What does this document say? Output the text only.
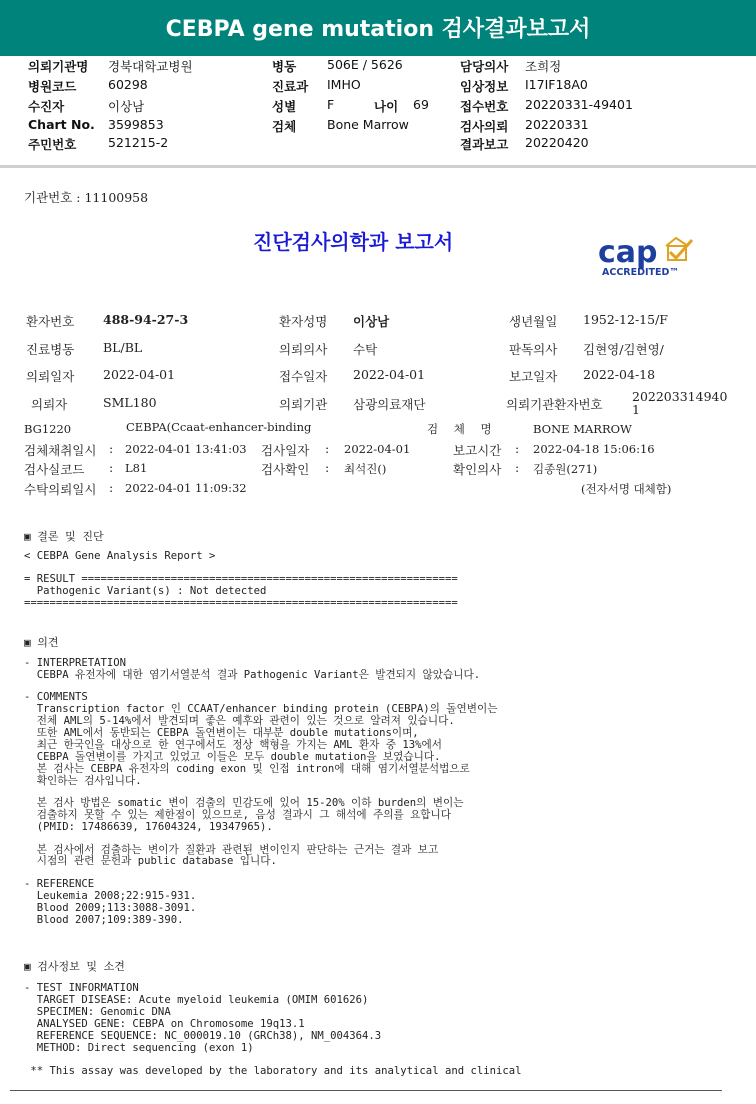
CEBPA gene mutation 검사결과보고서
의뢰기관명 경북대학교병원	병동 506E / 5626	담당의사 조희정
병원코드	60298	진료과 IMHO	임상정보 I17IF18A0
수진자	이상남	성별 F	나이 69 접수번호 20220331-49401
Chart No. 3599853	검체 Bone Marrow	검사의뢰 20220331
주민번호	521215-2	결과보고 20220420
기관번호 : 11100958
진단검사의학과 보고서	cap
ACCREDITED™
환자번호 488-94-27-3	환자성명 이상남	생년월일 1952-12-15/F
진료병동 BL/BL	의뢰의사 수탁	판독의사 김현영/김현영/
의뢰일자 2022-04-01	접수일자 2022-04-01	보고일자 2022-04-18
의뢰자	SML180	의뢰기관 삼광의료재단	의뢰기관환자번호
202203314940
1
BG1220	CEBPA(Ccaat-enhancer-binding	검 체 명	BONE MARROW
검체채취일시 : 2022-04-01 13:41:03 검사일자 : 2022-04-01	보고시간 : 2022-04-18 15:06:16
검사실코드 : L81	검사확인 : 최석진()	확인의사 : 김종원(271)
수탁의뢰일시 : 2022-04-01 11:09:32	(전자서명 대체함)
▣ 결론 및 진단
< CEBPA Gene Analysis Report >
= RESULT ===========================================================
Pathogenic Variant(s) : Not detected
====================================================================
▣ 의견
- INTERPRETATION
CEBPA 유전자에 대한 염기서열분석 결과 Pathogenic Variant은 발견되지 않았습니다.
- COMMENTS
Transcription factor 인 CCAAT/enhancer binding protein (CEBPA)의 돌연변이는
전체 AML의 5-14%에서 발견되며 좋은 예후와 관련이 있는 것으로 알려져 있습니다.
또한 AML에서 동반되는 CEBPA 돌연변이는 대부분 double mutations이며,
최근 한국인을 대상으로 한 연구에서도 정상 핵형을 가지는 AML 환자 중 13%에서
CEBPA 돌연변이를 가지고 있었고 이들은 모두 double mutation을 보였습니다.
본 검사는 CEBPA 유전자의 coding exon 및 인접 intron에 대해 염기서열분석법으로
확인하는 검사입니다.
본 검사 방법은 somatic 변이 검출의 민감도에 있어 15-20% 이하 burden의 변이는
검출하지 못할 수 있는 제한점이 있으므로, 음성 결과시 그 해석에 주의를 요합니다
(PMID: 17486639, 17604324, 19347965).
본 검사에서 검출하는 변이가 질환과 관련된 변이인지 판단하는 근거는 결과 보고
시점의 관련 문헌과 public database 입니다.
- REFERENCE
Leukemia 2008;22:915-931.
Blood 2009;113:3088-3091.
Blood 2007;109:389-390.
▣ 검사정보 및 소견
- TEST INFORMATION
TARGET DISEASE: Acute myeloid leukemia (OMIM 601626)
SPECIMEN: Genomic DNA
ANALYSED GENE: CEBPA on Chromosome 19q13.1
REFERENCE SEQUENCE: NC_000019.10 (GRCh38), NM_004364.3
METHOD: Direct sequencing (exon 1)
** This assay was developed by the laboratory and its analytical and clinical
